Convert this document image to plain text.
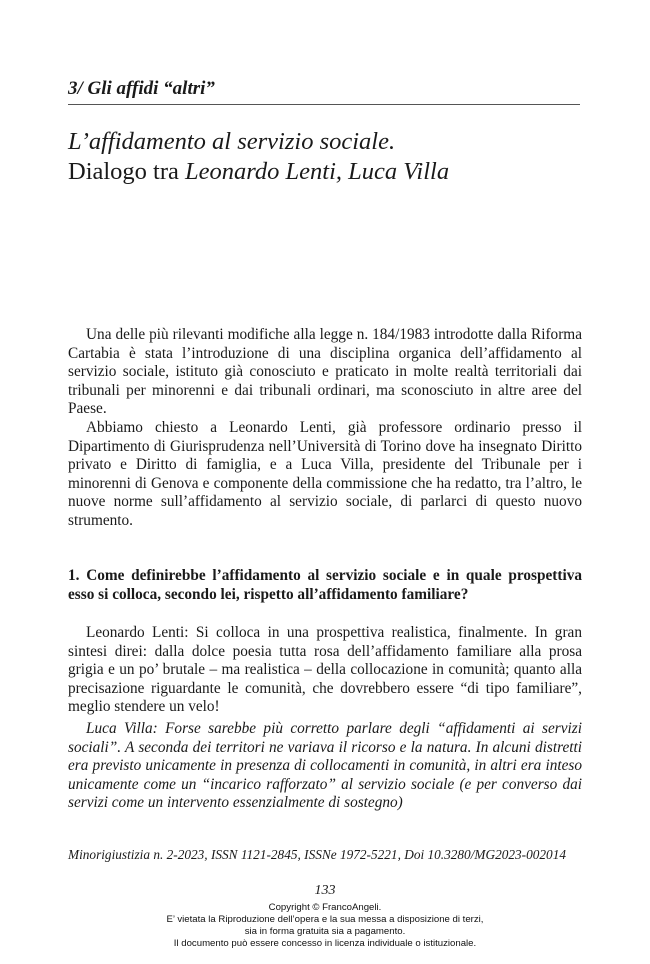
3/ Gli affidi “altri”
L’affidamento al servizio sociale.
Dialogo tra Leonardo Lenti, Luca Villa

Una delle più rilevanti modifiche alla legge n. 184/1983 introdotte dalla Riforma Cartabia è stata l’introduzione di una disciplina organica dell’affidamento al servizio sociale, istituto già conosciuto e praticato in molte realtà territoriali dai tribunali per minorenni e dai tribunali ordinari, ma sconosciuto in altre aree del Paese.

Abbiamo chiesto a Leonardo Lenti, già professore ordinario presso il Dipartimento di Giurisprudenza nell’Università di Torino dove ha insegnato Diritto privato e Diritto di famiglia, e a Luca Villa, presidente del Tribunale per i minorenni di Genova e componente della commissione che ha redatto, tra l’altro, le nuove norme sull’affidamento al servizio sociale, di parlarci di questo nuovo strumento.

1. Come definirebbe l’affidamento al servizio sociale e in quale prospettiva esso si colloca, secondo lei, rispetto all’affidamento familiare?

Leonardo Lenti: Si colloca in una prospettiva realistica, finalmente. In gran sintesi direi: dalla dolce poesia tutta rosa dell’affidamento familiare alla prosa grigia e un po’ brutale – ma realistica – della collocazione in comunità; quanto alla precisazione riguardante le comunità, che dovrebbero essere “di tipo familiare”, meglio stendere un velo!

Luca Villa: Forse sarebbe più corretto parlare degli “affidamenti ai servizi sociali”. A seconda dei territori ne variava il ricorso e la natura. In alcuni distretti era previsto unicamente in presenza di collocamenti in comunità, in altri era inteso unicamente come un “incarico rafforzato” al servizio sociale (e per converso dai servizi come un intervento essenzialmente di sostegno)

Minorigiustizia n. 2-2023, ISSN 1121-2845, ISSNe 1972-5221, Doi 10.3280/MG2023-002014
133
Copyright © FrancoAngeli.
E’ vietata la Riproduzione dell’opera e la sua messa a disposizione di terzi,
sia in forma gratuita sia a pagamento.
Il documento può essere concesso in licenza individuale o istituzionale.
